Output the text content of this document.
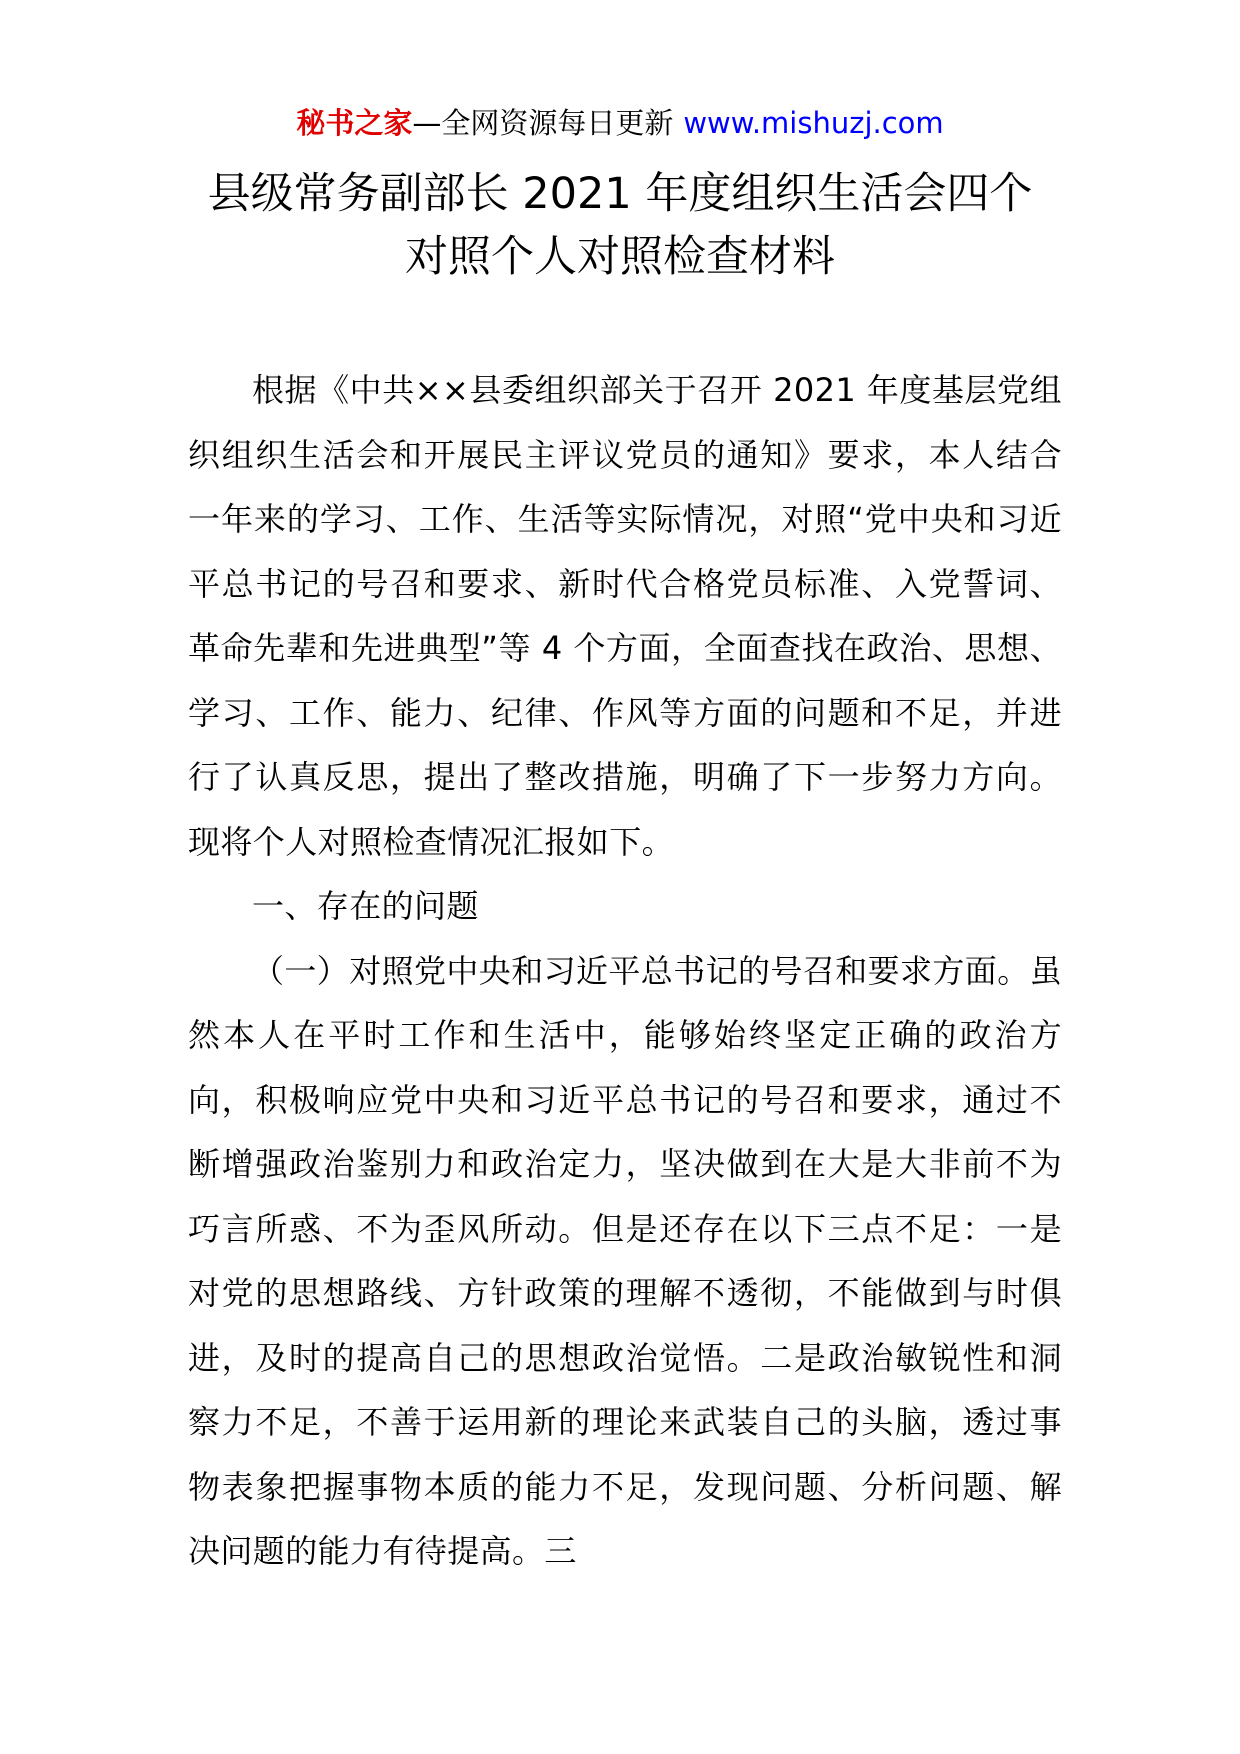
秘书之家—全网资源每日更新 www.mishuzj.com
县级常务副部长 2021 年度组织生活会四个
对照个人对照检查材料

根据《中共××县委组织部关于召开 2021 年度基层党组织组织生活会和开展民主评议党员的通知》要求，本人结合一年来的学习、工作、生活等实际情况，对照“党中央和习近平总书记的号召和要求、新时代合格党员标准、入党誓词、革命先辈和先进典型”等 4 个方面，全面查找在政治、思想、学习、工作、能力、纪律、作风等方面的问题和不足，并进行了认真反思，提出了整改措施，明确了下一步努力方向。现将个人对照检查情况汇报如下。

一、存在的问题

（一）对照党中央和习近平总书记的号召和要求方面。虽然本人在平时工作和生活中，能够始终坚定正确的政治方向，积极响应党中央和习近平总书记的号召和要求，通过不断增强政治鉴别力和政治定力，坚决做到在大是大非前不为巧言所惑、不为歪风所动。但是还存在以下三点不足：一是对党的思想路线、方针政策的理解不透彻，不能做到与时俱进，及时的提高自己的思想政治觉悟。二是政治敏锐性和洞察力不足，不善于运用新的理论来武装自己的头脑，透过事物表象把握事物本质的能力不足，发现问题、分析问题、解决问题的能力有待提高。三
